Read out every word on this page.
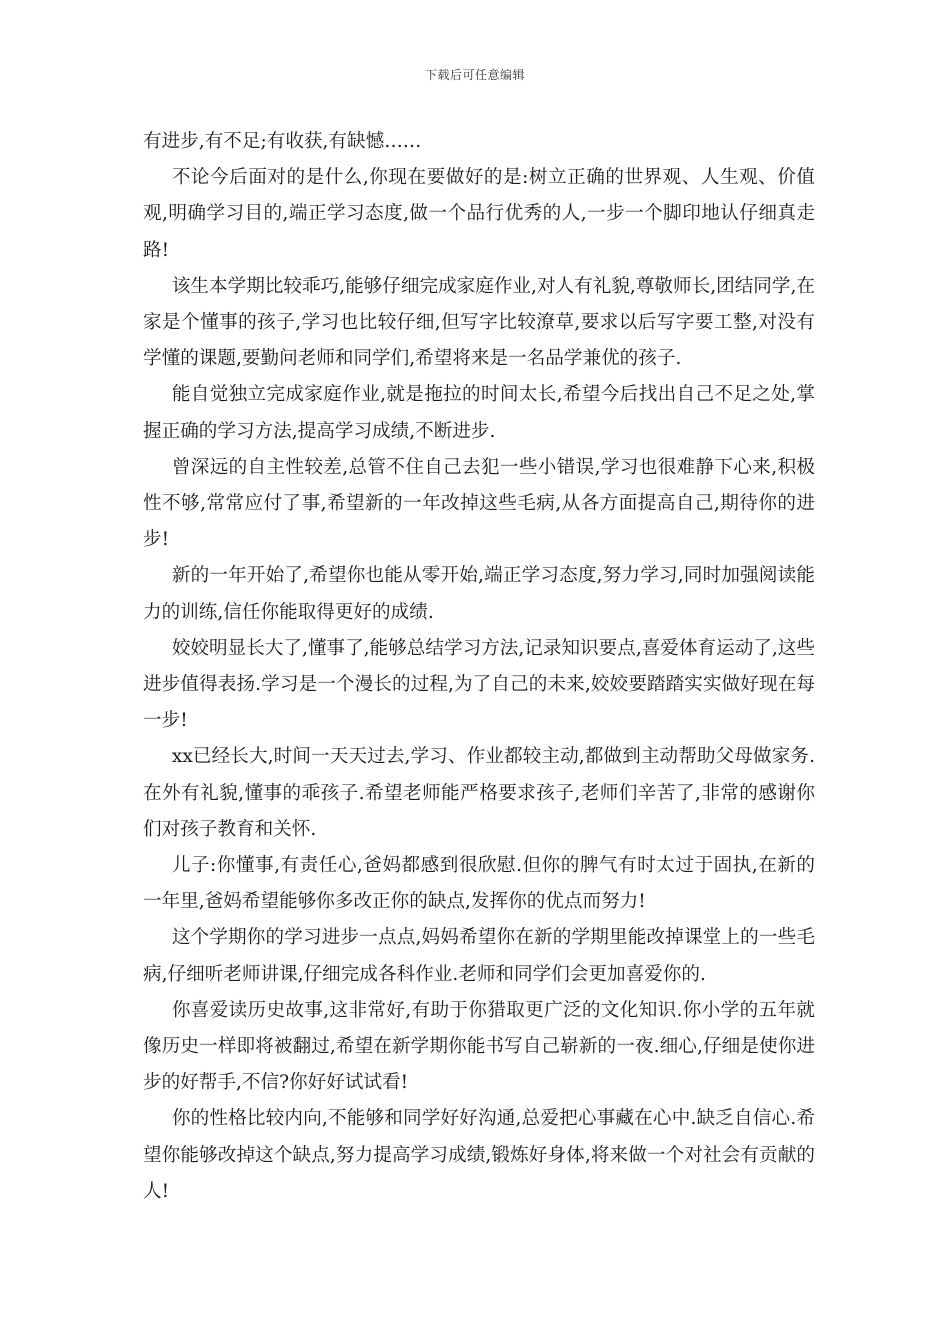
下载后可任意编辑

有进步,有不足;有收获,有缺憾……

不论今后面对的是什么,你现在要做好的是:树立正确的世界观、人生观、价值观,明确学习目的,端正学习态度,做一个品行优秀的人,一步一个脚印地认仔细真走路!

该生本学期比较乖巧,能够仔细完成家庭作业,对人有礼貌,尊敬师长,团结同学,在家是个懂事的孩子,学习也比较仔细,但写字比较潦草,要求以后写字要工整,对没有学懂的课题,要勤问老师和同学们,希望将来是一名品学兼优的孩子.

能自觉独立完成家庭作业,就是拖拉的时间太长,希望今后找出自己不足之处,掌握正确的学习方法,提高学习成绩,不断进步.

曾深远的自主性较差,总管不住自己去犯一些小错误,学习也很难静下心来,积极性不够,常常应付了事,希望新的一年改掉这些毛病,从各方面提高自己,期待你的进步!

新的一年开始了,希望你也能从零开始,端正学习态度,努力学习,同时加强阅读能力的训练,信任你能取得更好的成绩.

姣姣明显长大了,懂事了,能够总结学习方法,记录知识要点,喜爱体育运动了,这些进步值得表扬.学习是一个漫长的过程,为了自己的未来,姣姣要踏踏实实做好现在每一步!

xx已经长大,时间一天天过去,学习、作业都较主动,都做到主动帮助父母做家务.在外有礼貌,懂事的乖孩子.希望老师能严格要求孩子,老师们辛苦了,非常的感谢你们对孩子教育和关怀.

儿子:你懂事,有责任心,爸妈都感到很欣慰.但你的脾气有时太过于固执,在新的一年里,爸妈希望能够你多改正你的缺点,发挥你的优点而努力!

这个学期你的学习进步一点点,妈妈希望你在新的学期里能改掉课堂上的一些毛病,仔细听老师讲课,仔细完成各科作业.老师和同学们会更加喜爱你的.

你喜爱读历史故事,这非常好,有助于你猎取更广泛的文化知识.你小学的五年就像历史一样即将被翻过,希望在新学期你能书写自己崭新的一夜.细心,仔细是使你进步的好帮手,不信?你好好试试看!

你的性格比较内向,不能够和同学好好沟通,总爱把心事藏在心中.缺乏自信心.希望你能够改掉这个缺点,努力提高学习成绩,锻炼好身体,将来做一个对社会有贡献的人!
